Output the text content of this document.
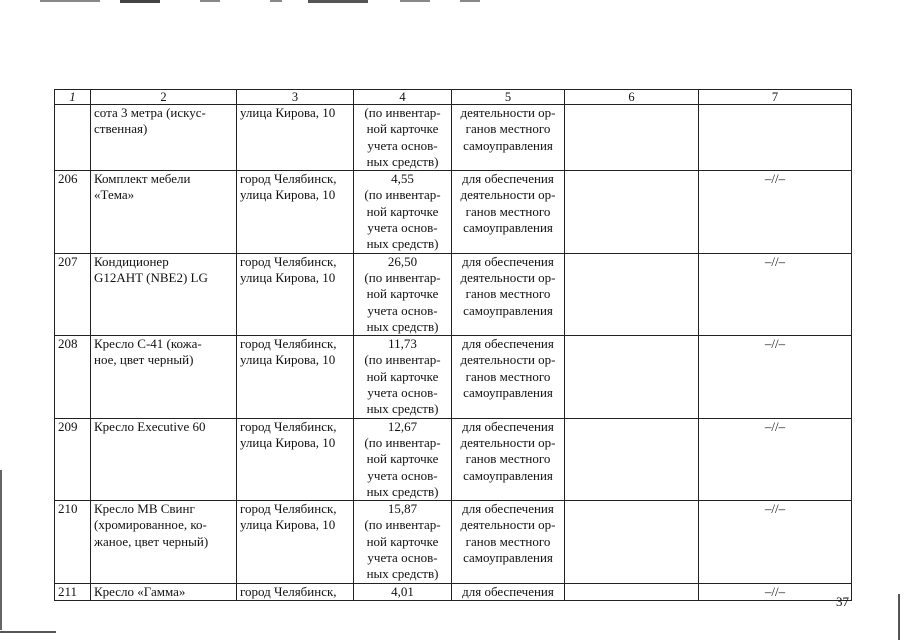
1	2	3	4	5	6	7

	сота 3 метра (искус-
ственная)	улица Кирова, 10	(по инвентар-
ной карточке
учета основ-
ных средств)	деятельности ор-
ганов местного
самоуправления		

206	Комплект мебели
«Тема»	город Челябинск,
улица Кирова, 10	4,55
(по инвентар-
ной карточке
учета основ-
ных средств)	для обеспечения
деятельности ор-
ганов местного
самоуправления		–//–
207	Кондиционер
G12AHT (NBE2) LG	город Челябинск,
улица Кирова, 10	26,50
(по инвентар-
ной карточке
учета основ-
ных средств)	для обеспечения
деятельности ор-
ганов местного
самоуправления		–//–
208	Кресло С-41 (кожа-
ное, цвет черный)	город Челябинск,
улица Кирова, 10	11,73
(по инвентар-
ной карточке
учета основ-
ных средств)	для обеспечения
деятельности ор-
ганов местного
самоуправления		–//–
209	Кресло Executive 60	город Челябинск,
улица Кирова, 10	12,67
(по инвентар-
ной карточке
учета основ-
ных средств)	для обеспечения
деятельности ор-
ганов местного
самоуправления		–//–
210	Кресло МВ Свинг
(хромированное, ко-
жаное, цвет черный)	город Челябинск,
улица Кирова, 10	15,87
(по инвентар-
ной карточке
учета основ-
ных средств)	для обеспечения
деятельности ор-
ганов местного
самоуправления		–//–
211	Кресло «Гамма»	город Челябинск,	4,01	для обеспечения		–//–
37
